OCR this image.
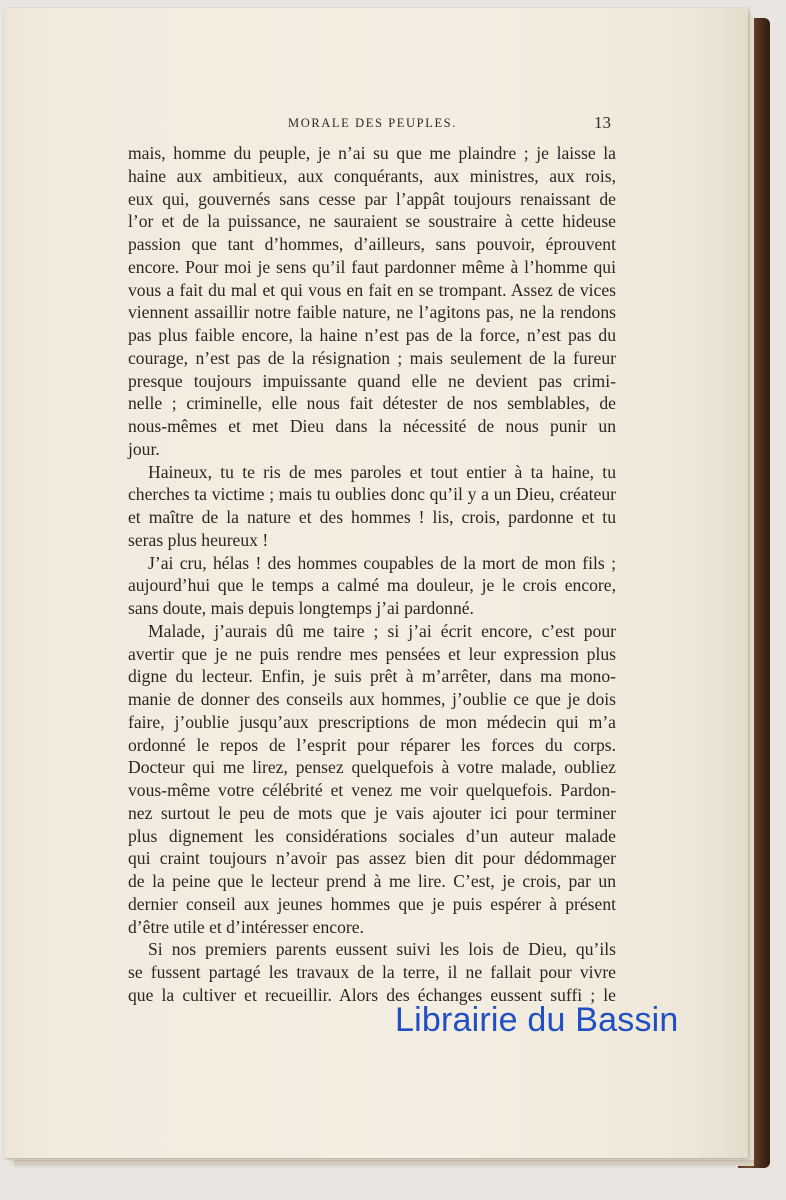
MORALE DES PEUPLES.	13

mais, homme du peuple, je n’ai su que me plaindre ; je laisse la
haine aux ambitieux, aux conquérants, aux ministres, aux rois,
eux qui, gouvernés sans cesse par l’appât toujours renaissant de
l’or et de la puissance, ne sauraient se soustraire à cette hideuse
passion que tant d’hommes, d’ailleurs, sans pouvoir, éprouvent
encore. Pour moi je sens qu’il faut pardonner même à l’homme qui
vous a fait du mal et qui vous en fait en se trompant. Assez de vices
viennent assaillir notre faible nature, ne l’agitons pas, ne la rendons
pas plus faible encore, la haine n’est pas de la force, n’est pas du
courage, n’est pas de la résignation ; mais seulement de la fureur
presque toujours impuissante quand elle ne devient pas crimi-
nelle ; criminelle, elle nous fait détester de nos semblables, de
nous-mêmes et met Dieu dans la nécessité de nous punir un
jour.

Haineux, tu te ris de mes paroles et tout entier à ta haine, tu
cherches ta victime ; mais tu oublies donc qu’il y a un Dieu, créateur
et maître de la nature et des hommes ! lis, crois, pardonne et tu
seras plus heureux !

J’ai cru, hélas ! des hommes coupables de la mort de mon fils ;
aujourd’hui que le temps a calmé ma douleur, je le crois encore,
sans doute, mais depuis longtemps j’ai pardonné.

Malade, j’aurais dû me taire ; si j’ai écrit encore, c’est pour
avertir que je ne puis rendre mes pensées et leur expression plus
digne du lecteur. Enfin, je suis prêt à m’arrêter, dans ma mono-
manie de donner des conseils aux hommes, j’oublie ce que je dois
faire, j’oublie jusqu’aux prescriptions de mon médecin qui m’a
ordonné le repos de l’esprit pour réparer les forces du corps.
Docteur qui me lirez, pensez quelquefois à votre malade, oubliez
vous-même votre célébrité et venez me voir quelquefois. Pardon-
nez surtout le peu de mots que je vais ajouter ici pour terminer
plus dignement les considérations sociales d’un auteur malade
qui craint toujours n’avoir pas assez bien dit pour dédommager
de la peine que le lecteur prend à me lire. C’est, je crois, par un
dernier conseil aux jeunes hommes que je puis espérer à présent
d’être utile et d’intéresser encore.

Si nos premiers parents eussent suivi les lois de Dieu, qu’ils
se fussent partagé les travaux de la terre, il ne fallait pour vivre
que la cultiver et recueillir. Alors des échanges eussent suffi ; le

Librairie du Bassin
